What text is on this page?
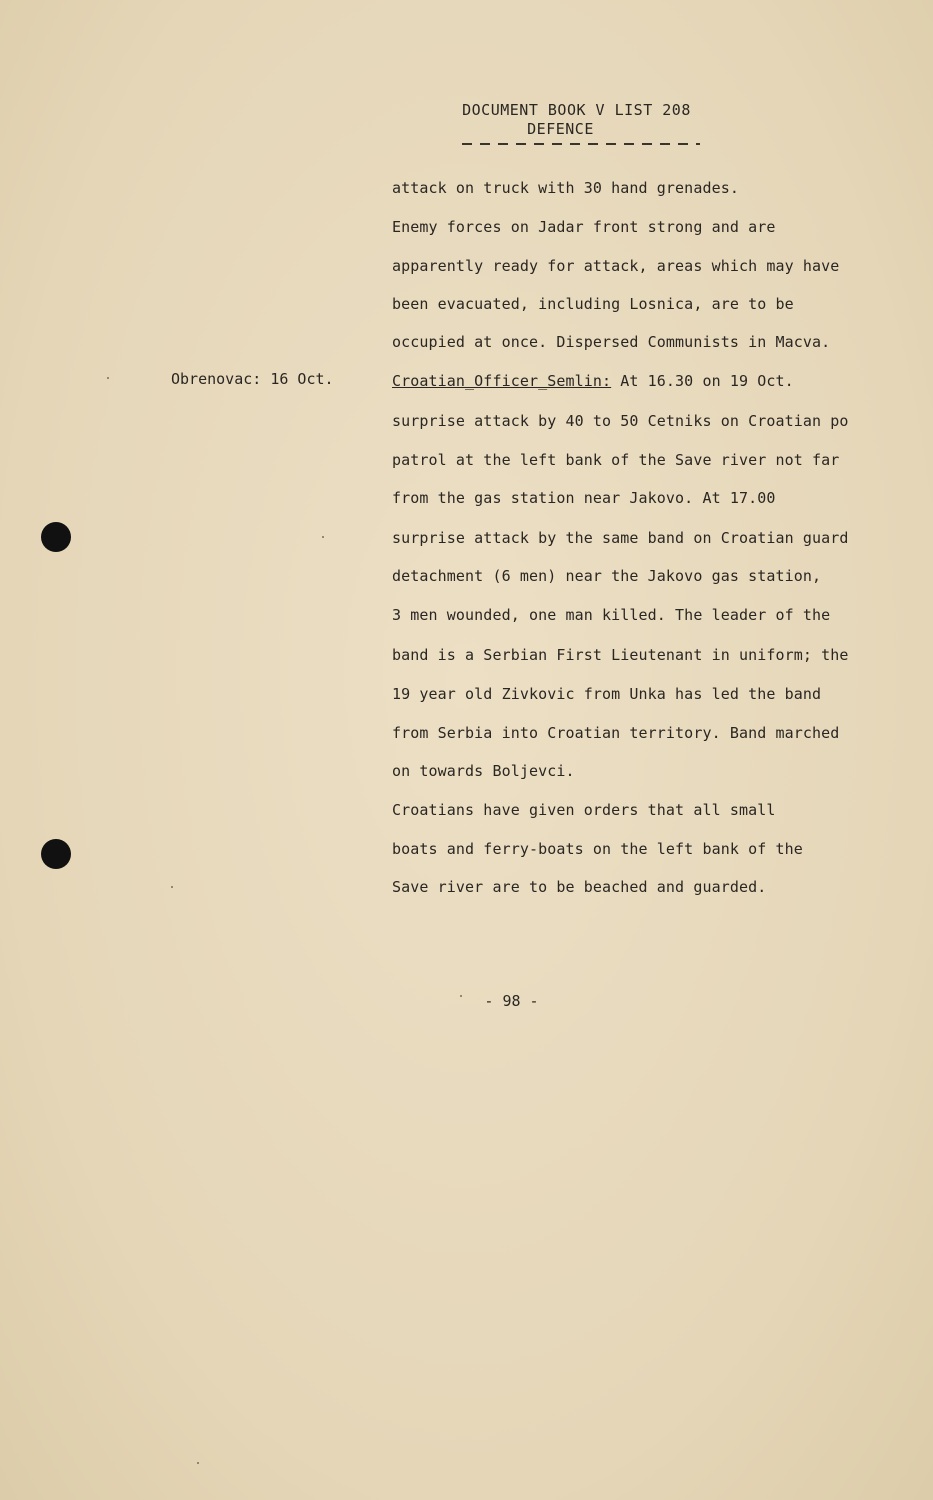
DOCUMENT BOOK V LIST 208
DEFENCE
Obrenovac: 16 Oct.
attack on truck with 30 hand grenades.
Enemy forces on Jadar front strong and are
apparently ready for attack, areas which may have
been evacuated, including Losnica, are to be
occupied at once. Dispersed Communists in Macva.
Croatian_Officer_Semlin: At 16.30 on 19 Oct.
surprise attack by 40 to 50 Cetniks on Croatian po
patrol at the left bank of the Save river not far
from the gas station near Jakovo. At 17.00
surprise attack by the same band on Croatian guard
detachment (6 men) near the Jakovo gas station,
3 men wounded, one man killed. The leader of the
band is a Serbian First Lieutenant in uniform; the
19 year old Zivkovic from Unka has led the band
from Serbia into Croatian territory. Band marched
on towards Boljevci.
Croatians have given orders that all small
boats and ferry-boats on the left bank of the
Save river are to be beached and guarded.
- 98 -
